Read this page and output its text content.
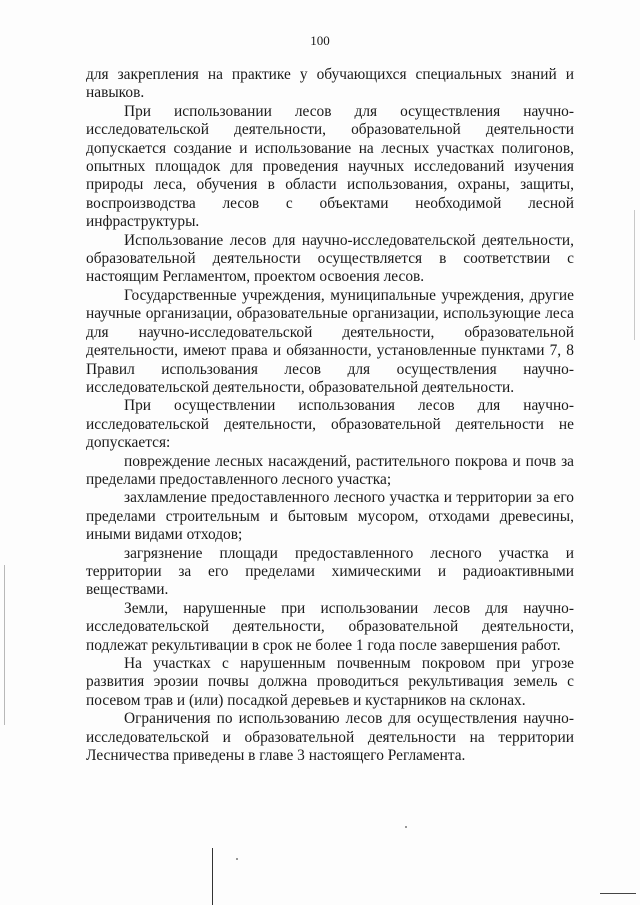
100

для закрепления на практике у обучающихся специальных знаний и навыков.

При использовании лесов для осуществления научно-исследовательской деятельности, образовательной деятельности допускается создание и использование на лесных участках полигонов, опытных площадок для проведения научных исследований изучения природы леса, обучения в области использования, охраны, защиты, воспроизводства лесов с объектами необходимой лесной инфраструктуры.

Использование лесов для научно-исследовательской деятельности, образовательной деятельности осуществляется в соответствии с настоящим Регламентом, проектом освоения лесов.

Государственные учреждения, муниципальные учреждения, другие научные организации, образовательные организации, использующие леса для научно-исследовательской деятельности, образовательной деятельности, имеют права и обязанности, установленные пунктами 7, 8 Правил использования лесов для осуществления научно-исследовательской деятельности, образовательной деятельности.

При осуществлении использования лесов для научно-исследовательской деятельности, образовательной деятельности не допускается:

повреждение лесных насаждений, растительного покрова и почв за пределами предоставленного лесного участка;

захламление предоставленного лесного участка и территории за его пределами строительным и бытовым мусором, отходами древесины, иными видами отходов;

загрязнение площади предоставленного лесного участка и территории за его пределами химическими и радиоактивными веществами.

Земли, нарушенные при использовании лесов для научно-исследовательской деятельности, образовательной деятельности, подлежат рекультивации в срок не более 1 года после завершения работ.

На участках с нарушенным почвенным покровом при угрозе развития эрозии почвы должна проводиться рекультивация земель с посевом трав и (или) посадкой деревьев и кустарников на склонах.

Ограничения по использованию лесов для осуществления научно-исследовательской и образовательной деятельности на территории Лесничества приведены в главе 3 настоящего Регламента.
